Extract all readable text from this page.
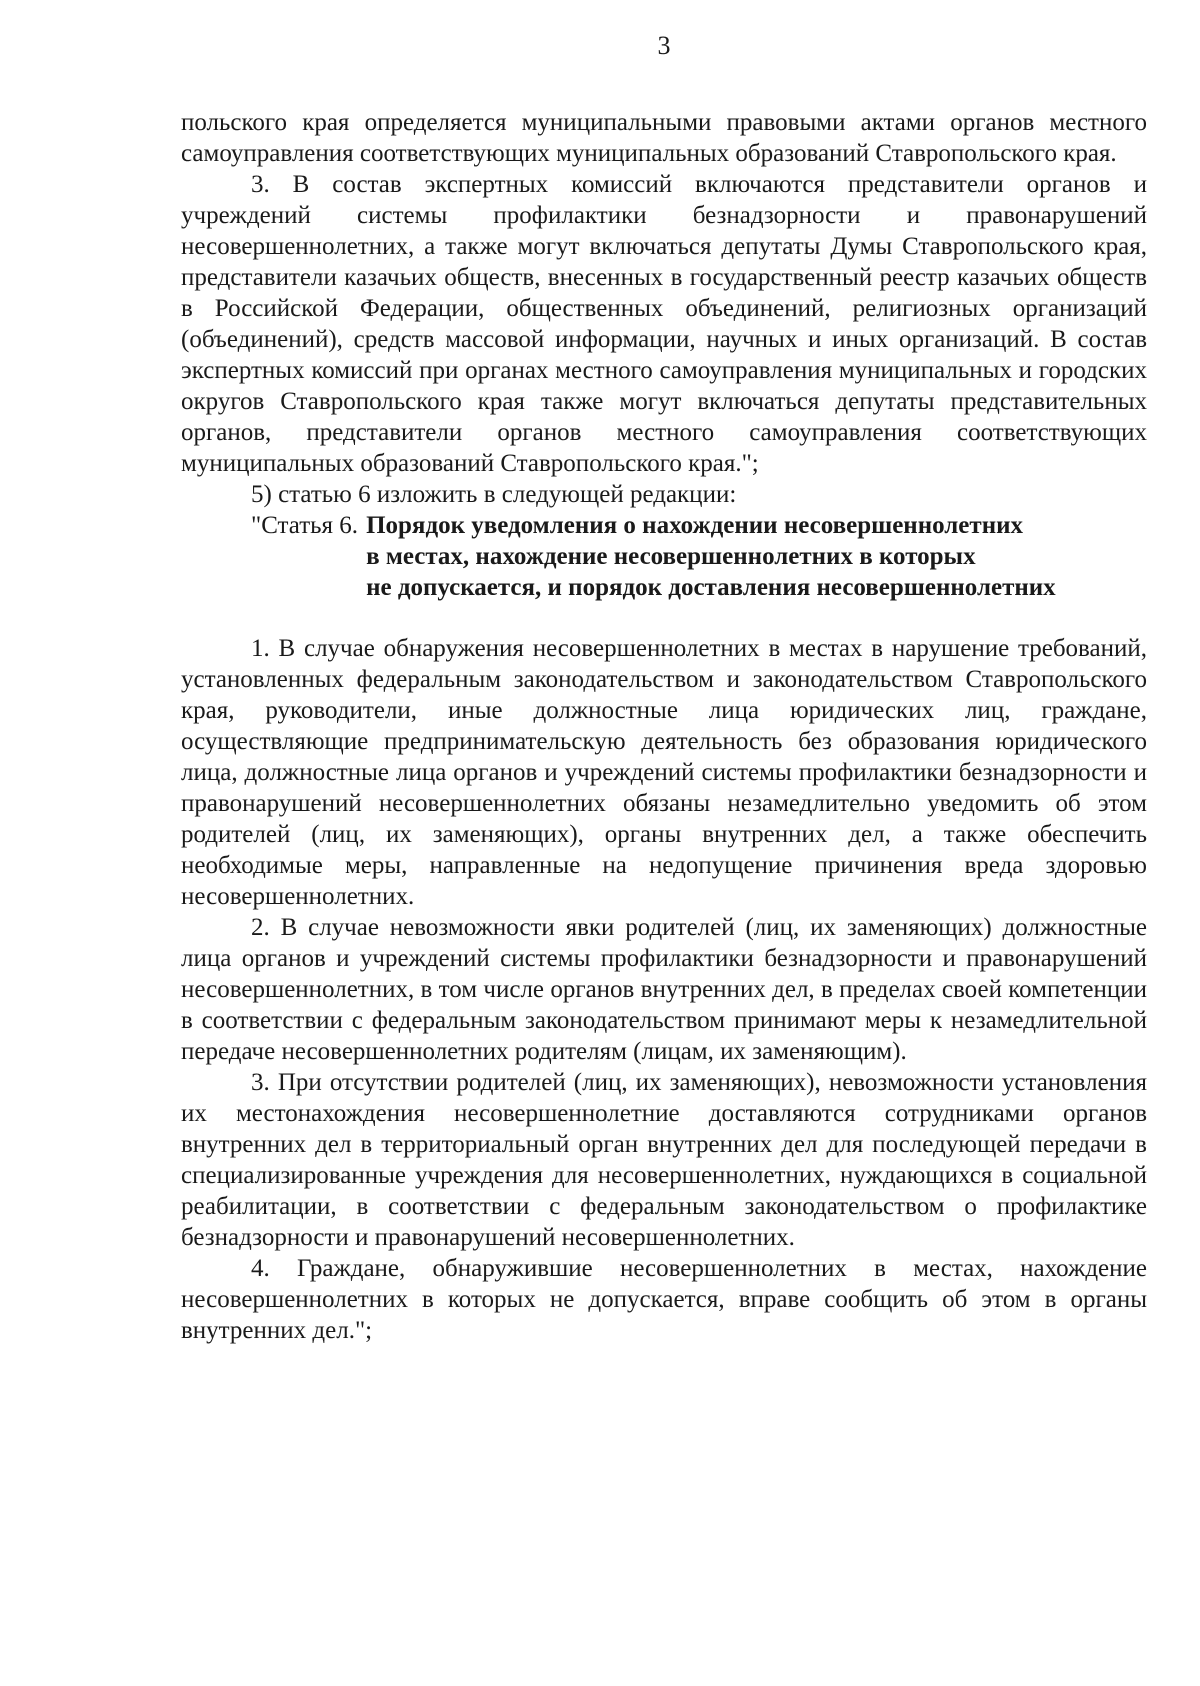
3

польского края определяется муниципальными правовыми актами органов местного самоуправления соответствующих муниципальных образований Ставропольского края.

3. В состав экспертных комиссий включаются представители органов и учреждений системы профилактики безнадзорности и правонарушений несовершеннолетних, а также могут включаться депутаты Думы Ставропольского края, представители казачьих обществ, внесенных в государственный реестр казачьих обществ в Российской Федерации, общественных объединений, религиозных организаций (объединений), средств массовой информации, научных и иных организаций. В состав экспертных комиссий при органах местного самоуправления муниципальных и городских округов Ставропольского края также могут включаться депутаты представительных органов, представители органов местного самоуправления соответствующих муниципальных образований Ставропольского края.";

5) статью 6 изложить в следующей редакции:

"Статья 6. Порядок уведомления о нахождении несовершеннолетних
в местах, нахождение несовершеннолетних в которых
не допускается, и порядок доставления несовершеннолетних

1. В случае обнаружения несовершеннолетних в местах в нарушение требований, установленных федеральным законодательством и законодательством Ставропольского края, руководители, иные должностные лица юридических лиц, граждане, осуществляющие предпринимательскую деятельность без образования юридического лица, должностные лица органов и учреждений системы профилактики безнадзорности и правонарушений несовершеннолетних обязаны незамедлительно уведомить об этом родителей (лиц, их заменяющих), органы внутренних дел, а также обеспечить необходимые меры, направленные на недопущение причинения вреда здоровью несовершеннолетних.

2. В случае невозможности явки родителей (лиц, их заменяющих) должностные лица органов и учреждений системы профилактики безнадзорности и правонарушений несовершеннолетних, в том числе органов внутренних дел, в пределах своей компетенции в соответствии с федеральным законодательством принимают меры к незамедлительной передаче несовершеннолетних родителям (лицам, их заменяющим).

3. При отсутствии родителей (лиц, их заменяющих), невозможности установления их местонахождения несовершеннолетние доставляются сотрудниками органов внутренних дел в территориальный орган внутренних дел для последующей передачи в специализированные учреждения для несовершеннолетних, нуждающихся в социальной реабилитации, в соответствии с федеральным законодательством о профилактике безнадзорности и правонарушений несовершеннолетних.

4. Граждане, обнаружившие несовершеннолетних в местах, нахождение несовершеннолетних в которых не допускается, вправе сообщить об этом в органы внутренних дел.";
